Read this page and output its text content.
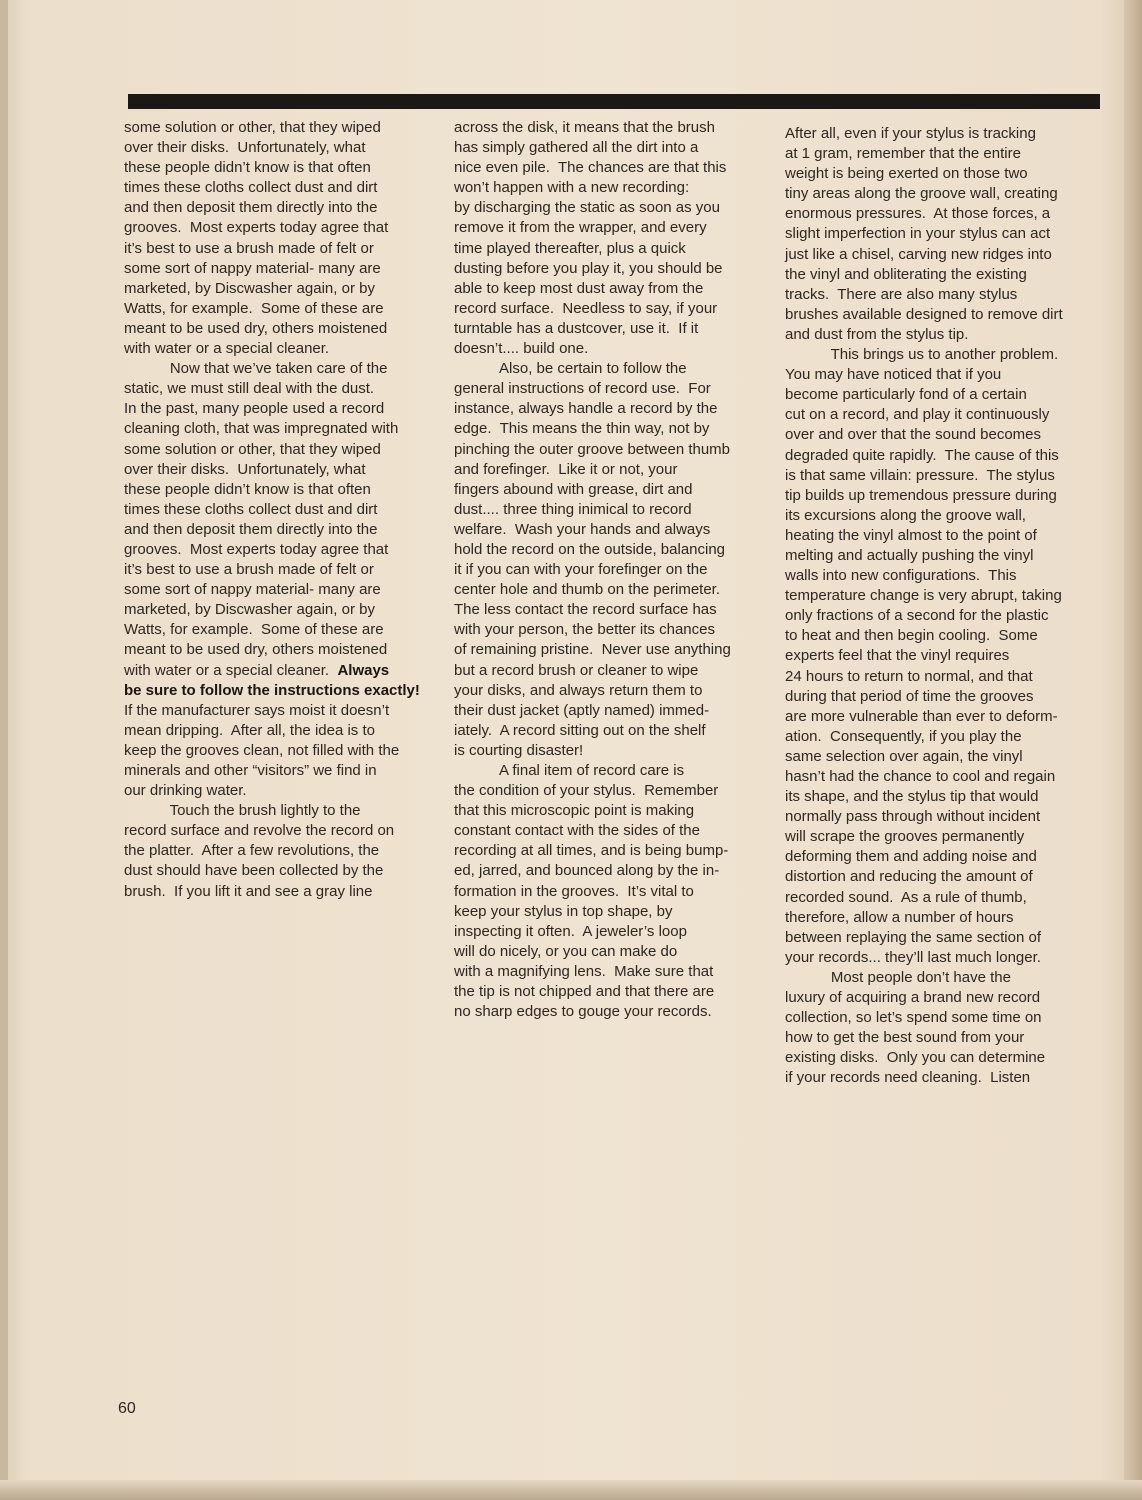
some solution or other, that they wiped
over their disks.  Unfortunately, what
these people didn’t know is that often
times these cloths collect dust and dirt
and then deposit them directly into the
grooves.  Most experts today agree that
it’s best to use a brush made of felt or
some sort of nappy material- many are
marketed, by Discwasher again, or by
Watts, for example.  Some of these are
meant to be used dry, others moistened
with water or a special cleaner.
Now that we’ve taken care of the
static, we must still deal with the dust.
In the past, many people used a record
cleaning cloth, that was impregnated with
some solution or other, that they wiped
over their disks.  Unfortunately, what
these people didn’t know is that often
times these cloths collect dust and dirt
and then deposit them directly into the
grooves.  Most experts today agree that
it’s best to use a brush made of felt or
some sort of nappy material- many are
marketed, by Discwasher again, or by
Watts, for example.  Some of these are
meant to be used dry, others moistened
with water or a special cleaner.  Always
be sure to follow the instructions exactly!
If the manufacturer says moist it doesn’t
mean dripping.  After all, the idea is to
keep the grooves clean, not filled with the
minerals and other “visitors” we find in
our drinking water.
Touch the brush lightly to the
record surface and revolve the record on
the platter.  After a few revolutions, the
dust should have been collected by the
brush.  If you lift it and see a gray line
across the disk, it means that the brush
has simply gathered all the dirt into a
nice even pile.  The chances are that this
won’t happen with a new recording:
by discharging the static as soon as you
remove it from the wrapper, and every
time played thereafter, plus a quick
dusting before you play it, you should be
able to keep most dust away from the
record surface.  Needless to say, if your
turntable has a dustcover, use it.  If it
doesn’t.... build one.
Also, be certain to follow the
general instructions of record use.  For
instance, always handle a record by the
edge.  This means the thin way, not by
pinching the outer groove between thumb
and forefinger.  Like it or not, your
fingers abound with grease, dirt and
dust.... three thing inimical to record
welfare.  Wash your hands and always
hold the record on the outside, balancing
it if you can with your forefinger on the
center hole and thumb on the perimeter.
The less contact the record surface has
with your person, the better its chances
of remaining pristine.  Never use anything
but a record brush or cleaner to wipe
your disks, and always return them to
their dust jacket (aptly named) immed-
iately.  A record sitting out on the shelf
is courting disaster!
A final item of record care is
the condition of your stylus.  Remember
that this microscopic point is making
constant contact with the sides of the
recording at all times, and is being bump-
ed, jarred, and bounced along by the in-
formation in the grooves.  It’s vital to
keep your stylus in top shape, by
inspecting it often.  A jeweler’s loop
will do nicely, or you can make do
with a magnifying lens.  Make sure that
the tip is not chipped and that there are
no sharp edges to gouge your records.
After all, even if your stylus is tracking
at 1 gram, remember that the entire
weight is being exerted on those two
tiny areas along the groove wall, creating
enormous pressures.  At those forces, a
slight imperfection in your stylus can act
just like a chisel, carving new ridges into
the vinyl and obliterating the existing
tracks.  There are also many stylus
brushes available designed to remove dirt
and dust from the stylus tip.
This brings us to another problem.
You may have noticed that if you
become particularly fond of a certain
cut on a record, and play it continuously
over and over that the sound becomes
degraded quite rapidly.  The cause of this
is that same villain: pressure.  The stylus
tip builds up tremendous pressure during
its excursions along the groove wall,
heating the vinyl almost to the point of
melting and actually pushing the vinyl
walls into new configurations.  This
temperature change is very abrupt, taking
only fractions of a second for the plastic
to heat and then begin cooling.  Some
experts feel that the vinyl requires
24 hours to return to normal, and that
during that period of time the grooves
are more vulnerable than ever to deform-
ation.  Consequently, if you play the
same selection over again, the vinyl
hasn’t had the chance to cool and regain
its shape, and the stylus tip that would
normally pass through without incident
will scrape the grooves permanently
deforming them and adding noise and
distortion and reducing the amount of
recorded sound.  As a rule of thumb,
therefore, allow a number of hours
between replaying the same section of
your records... they’ll last much longer.
Most people don’t have the
luxury of acquiring a brand new record
collection, so let’s spend some time on
how to get the best sound from your
existing disks.  Only you can determine
if your records need cleaning.  Listen
60
